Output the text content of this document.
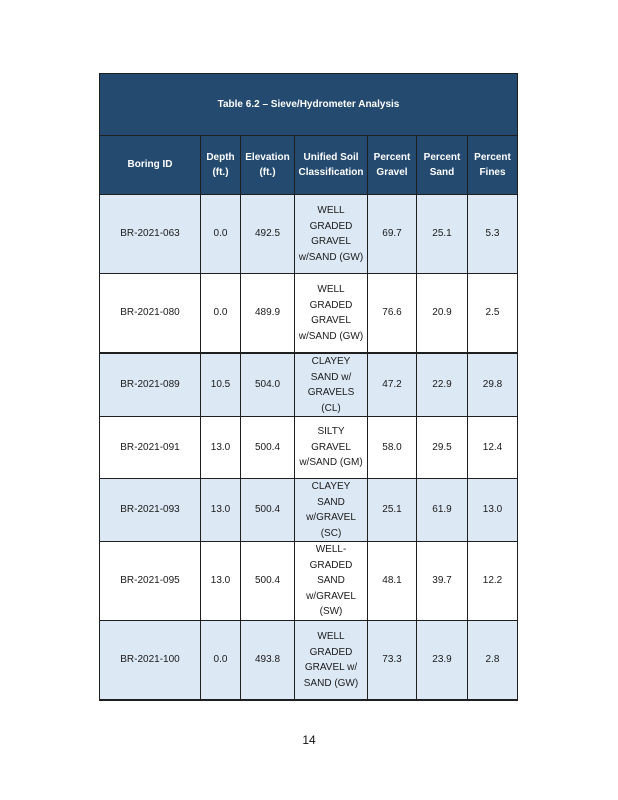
Table 6.2 – Sieve/Hydrometer Analysis						
Boring ID	Depth (ft.)	Elevation (ft.)	Unified Soil Classification	Percent Gravel	Percent Sand	Percent Fines
BR-2021-063	0.0	492.5	WELL GRADED GRAVEL w/SAND (GW)	69.7	25.1	5.3
BR-2021-080	0.0	489.9	WELL GRADED GRAVEL w/SAND (GW)	76.6	20.9	2.5
BR-2021-089	10.5	504.0	CLAYEY SAND w/ GRAVELS (CL)	47.2	22.9	29.8
BR-2021-091	13.0	500.4	SILTY GRAVEL w/SAND (GM)	58.0	29.5	12.4
BR-2021-093	13.0	500.4	CLAYEY SAND w/GRAVEL (SC)	25.1	61.9	13.0
BR-2021-095	13.0	500.4	WELL-GRADED SAND w/GRAVEL (SW)	48.1	39.7	12.2
BR-2021-100	0.0	493.8	WELL GRADED GRAVEL w/ SAND (GW)	73.3	23.9	2.8
14
